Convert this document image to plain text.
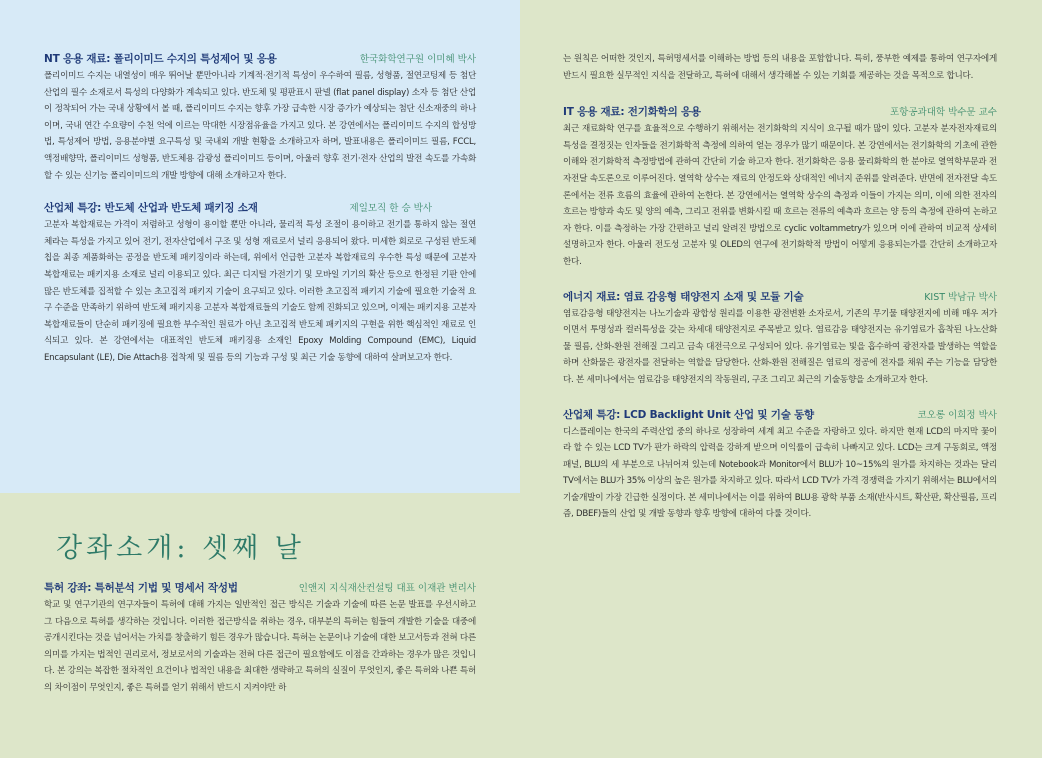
NT 응용 재료: 폴리이미드 수지의 특성제어 및 응용	한국화학연구원 이미혜 박사

폴리이미드 수지는 내열성이 매우 뛰어날 뿐만아니라 기계적·전기적 특성이 우수하여 필름, 성형품, 절연코팅제 등 첨단 산업의 필수 소재로서 특성의 다양화가 계속되고 있다. 반도체 및 평판표시 판넬 (flat panel display) 소자 등 첨단 산업이 정착되어 가는 국내 상황에서 볼 때, 폴리이미드 수지는 향후 가장 급속한 시장 증가가 예상되는 첨단 신소재중의 하나이며, 국내 연간 수요량이 수천 억에 이르는 막대한 시장점유율을 가지고 있다. 본 강연에서는 폴리이미드 수지의 합성방법, 특성제어 방법, 응용분야별 요구특성 및 국내외 개발 현황을 소개하고자 하며, 발표내용은 폴리이미드 필름, FCCL, 액정배향막, 폴리이미드 성형품, 반도체용 감광성 폴리이미드 등이며, 아울러 향후 전기·전자 산업의 발전 속도를 가속화 할 수 있는 신기능 폴리이미드의 개발 방향에 대해 소개하고자 한다.

산업체 특강: 반도체 산업과 반도체 패키징 소재	제일모직 한 승 박사

고분자 복합재료는 가격이 저렴하고 성형이 용이할 뿐만 아니라, 물리적 특성 조절이 용이하고 전기를 통하지 않는 절연체라는 특성을 가지고 있어 전기, 전자산업에서 구조 및 성형 재료로서 널리 응용되어 왔다. 미세한 회로로 구성된 반도체 칩을 최종 제품화하는 공정을 반도체 패키징이라 하는데, 위에서 언급한 고분자 복합재료의 우수한 특성 때문에 고분자 복합재료는 패키지용 소재로 널리 이용되고 있다. 최근 디지털 가전기기 및 모바일 기기의 확산 등으로 한정된 기판 안에 많은 반도체를 집적할 수 있는 초고집적 패키지 기술이 요구되고 있다. 이러한 초고집적 패키지 기술에 필요한 기술적 요구 수준을 만족하기 위하여 반도체 패키지용 고분자 복합재료들의 기술도 함께 진화되고 있으며, 이제는 패키지용 고분자 복합재료들이 단순히 패키징에 필요한 부수적인 원료가 아닌 초고집적 반도체 패키지의 구현을 위한 핵심적인 재료로 인식되고 있다. 본 강연에서는 대표적인 반도체 패키징용 소재인 Epoxy Molding Compound (EMC), Liquid Encapsulant (LE), Die Attach용 접착제 및 필름 등의 기능과 구성 및 최근 기술 동향에 대하여 살펴보고자 한다.

강좌소개: 셋째 날
특허 강좌: 특허분석 기법 및 명세서 작성법	인앤지 지식재산컨설팅 대표 이재관 변리사

학교 및 연구기관의 연구자들이 특허에 대해 가지는 일반적인 접근 방식은 기술과 기술에 따른 논문 발표를 우선시하고 그 다음으로 특허를 생각하는 것입니다. 이러한 접근방식을 취하는 경우, 대부분의 특허는 힘들여 개발한 기술을 대중에 공개시킨다는 것을 넘어서는 가치를 창출하기 힘든 경우가 많습니다. 특허는 논문이나 기술에 대한 보고서등과 전혀 다른 의미를 가지는 법적인 권리로서, 정보로서의 기술과는 전혀 다른 접근이 필요함에도 이점을 간과하는 경우가 많은 것입니다. 본 강의는 복잡한 절차적인 요건이나 법적인 내용을 최대한 생략하고 특허의 실질이 무엇인지, 좋은 특허와 나쁜 특허의 차이점이 무엇인지, 좋은 특허를 얻기 위해서 반드시 지켜야만 하

는 원칙은 어떠한 것인지, 특허명세서를 이해하는 방법 등의 내용을 포함합니다. 특히, 풍부한 예제를 통하여 연구자에게 반드시 필요한 실무적인 지식을 전달하고, 특허에 대해서 생각해볼 수 있는 기회를 제공하는 것을 목적으로 합니다.

IT 응용 재료: 전기화학의 응용	포항공과대학 박수문 교수

최근 재료화학 연구를 효율적으로 수행하기 위해서는 전기화학의 지식이 요구될 때가 많이 있다. 고분자 분자전자재료의 특성을 결정짓는 인자들을 전기화학적 측정에 의하여 얻는 경우가 많기 때문이다. 본 강연에서는 전기화학의 기초에 관한 이해와 전기화학적 측정방법에 관하여 간단히 기술 하고자 한다. 전기화학은 응용 물리화학의 한 분야로 열역학부문과 전자전달 속도론으로 이루어진다. 열역학 상수는 재료의 안정도와 상대적인 에너지 준위를 알려준다. 반면에 전자전달 속도론에서는 전류 흐름의 효율에 관하여 논한다. 본 강연에서는 열역학 상수의 측정과 이들이 가지는 의미, 이에 의한 전자의 흐르는 방향과 속도 및 양의 예측, 그리고 전위를 변화시킬 때 흐르는 전류의 예측과 흐르는 양 등의 측정에 관하여 논하고자 한다. 이를 측정하는 가장 간편하고 널리 알려진 방법으로 cyclic voltammetry가 있으며 이에 관하여 비교적 상세히 설명하고자 한다. 아울러 전도성 고분자 및 OLED의 연구에 전기화학적 방법이 어떻게 응용되는가를 간단히 소개하고자 한다.

에너지 재료: 염료 감응형 태양전지 소재 및 모듈 기술	KIST 박남규 박사

염료감응형 태양전지는 나노기술과 광합성 원리를 이용한 광전변환 소자로서, 기존의 무기물 태양전지에 비해 매우 저가이면서 투명성과 컬러특성을 갖는 차세대 태양전지로 주목받고 있다. 염료감응 태양전지는 유기염료가 흡착된 나노산화물 필름, 산화-환원 전해질 그리고 금속 대전극으로 구성되어 있다. 유기염료는 빛을 흡수하여 광전자를 발생하는 역할을 하며 산화물은 광전자를 전달하는 역할을 담당한다. 산화-환원 전해질은 염료의 정공에 전자를 채워 주는 기능을 담당한다. 본 세미나에서는 염료감응 태양전지의 작동원리, 구조 그리고 최근의 기술동향을 소개하고자 한다.

산업체 특강: LCD Backlight Unit 산업 및 기술 동향	코오롱 이희정 박사

디스플레이는 한국의 주력산업 중의 하나로 성장하여 세계 최고 수준을 자랑하고 있다. 하지만 현재 LCD의 마지막 꽃이라 할 수 있는 LCD TV가 판가 하락의 압력을 강하게 받으며 이익률이 급속히 나빠지고 있다. LCD는 크게 구동회로, 액정 패널, BLU의 세 부분으로 나뉘어져 있는데 Notebook과 Monitor에서 BLU가 10~15%의 원가를 차지하는 것과는 달리 TV에서는 BLU가 35% 이상의 높은 원가를 차지하고 있다. 따라서 LCD TV가 가격 경쟁력을 가지기 위해서는 BLU에서의 기술개발이 가장 긴급한 실정이다. 본 세미나에서는 이를 위하여 BLU용 광학 부품 소재(반사시트, 확산판, 확산필름, 프리즘, DBEF)들의 산업 및 개발 동향과 향후 방향에 대하여 다룰 것이다.
